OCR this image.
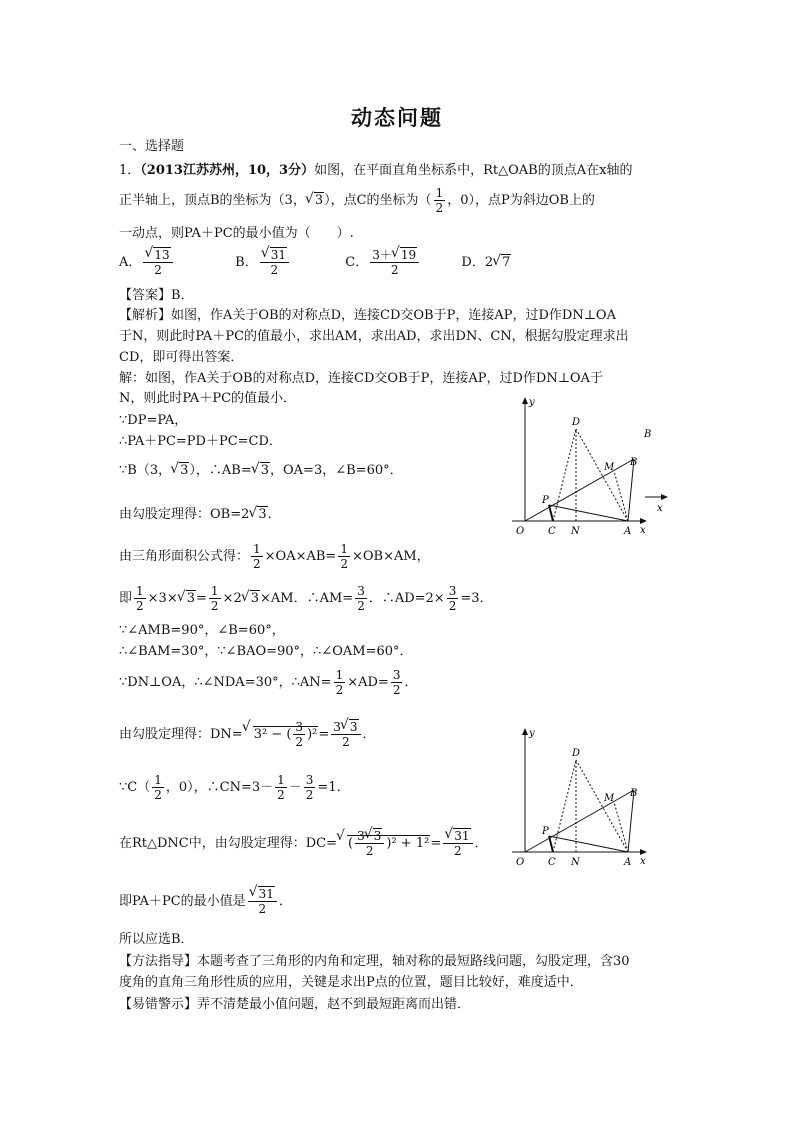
动态问题
一、选择题
1．（2013江苏苏州，10，3分）如图，在平面直角坐标系中，Rt△OAB的顶点A在x轴的
正半轴上，顶点B的坐标为（3，√ 3），点C的坐标为（ $\frac{1}{2}$ ，0），点P为斜边OB上的
一动点，则PA＋PC的最小值为（　　）.
A．
√ $\frac{13}{2}$	B．
√ $\frac{31}{2}$	C． $\frac{3+√ 19}{2}$	D．2√ 7
【答案】B．
【解析】如图，作A关于OB的对称点D，连接CD交OB于P，连接AP，过D作DN⊥OA
于N，则此时PA＋PC的值最小，求出AM，求出AD，求出DN、CN，根据勾股定理求出
CD，即可得出答案．
解：如图，作A关于OB的对称点D，连接CD交OB于P，连接AP，过D作DN⊥OA于
N，则此时PA＋PC的值最小．
∵DP=PA，
∴PA＋PC=PD＋PC=CD．
∵B（3，√ 3），∴AB=√ 3，OA=3，∠B=60°．
由勾股定理得：OB=2√ 3．
由三角形面积公式得： $\frac{1}{2} \times OA\times AB= \frac{1}{2} \times OB\times AM$，
即 $\frac{1}{2} \times 3\times√$ $3= \frac{1}{2} \times 2√$ 3×AM．∴AM= $\frac{3}{2}$ ．∴AD=2× $\frac{3}{2} =3$．
∵∠AMB=90°，∠B=60°，
∴∠BAM=30°，∵∠BAO=90°，∴∠OAM=60°．
∵DN⊥OA，∴∠NDA=30°，∴AN= $\frac{1}{2} \times AD= \frac{3}{2}$ ．
由勾股定理得：DN=√ 3² − ( $\frac{3}{2} )^2= \frac{3√ 3}{2}$ ．
∵C（ $\frac{1}{2}$ ，0），∴CN=3－ $\frac{1}{2} - \frac{3}{2} =1$．
在Rt△DNC中，由勾股定理得：DC=√ ( $\frac{3√ 3}{2} )^2 + 1^2=$
√ $\frac{31}{2}$ ．
即PA＋PC的最小值是
√ $\frac{31}{2}$ ．
所以应选B．
【方法指导】本题考查了三角形的内角和定理，轴对称的最短路线问题，勾股定理，含30
度角的直角三角形性质的应用，关键是求出P点的位置，题目比较好，难度适中．
【易错警示】弄不清楚最小值问题，赵不到最短距离而出错．
y
x
O C N	A
P
D
M B
B
x
y
x
O C N	A
P
D
M B
